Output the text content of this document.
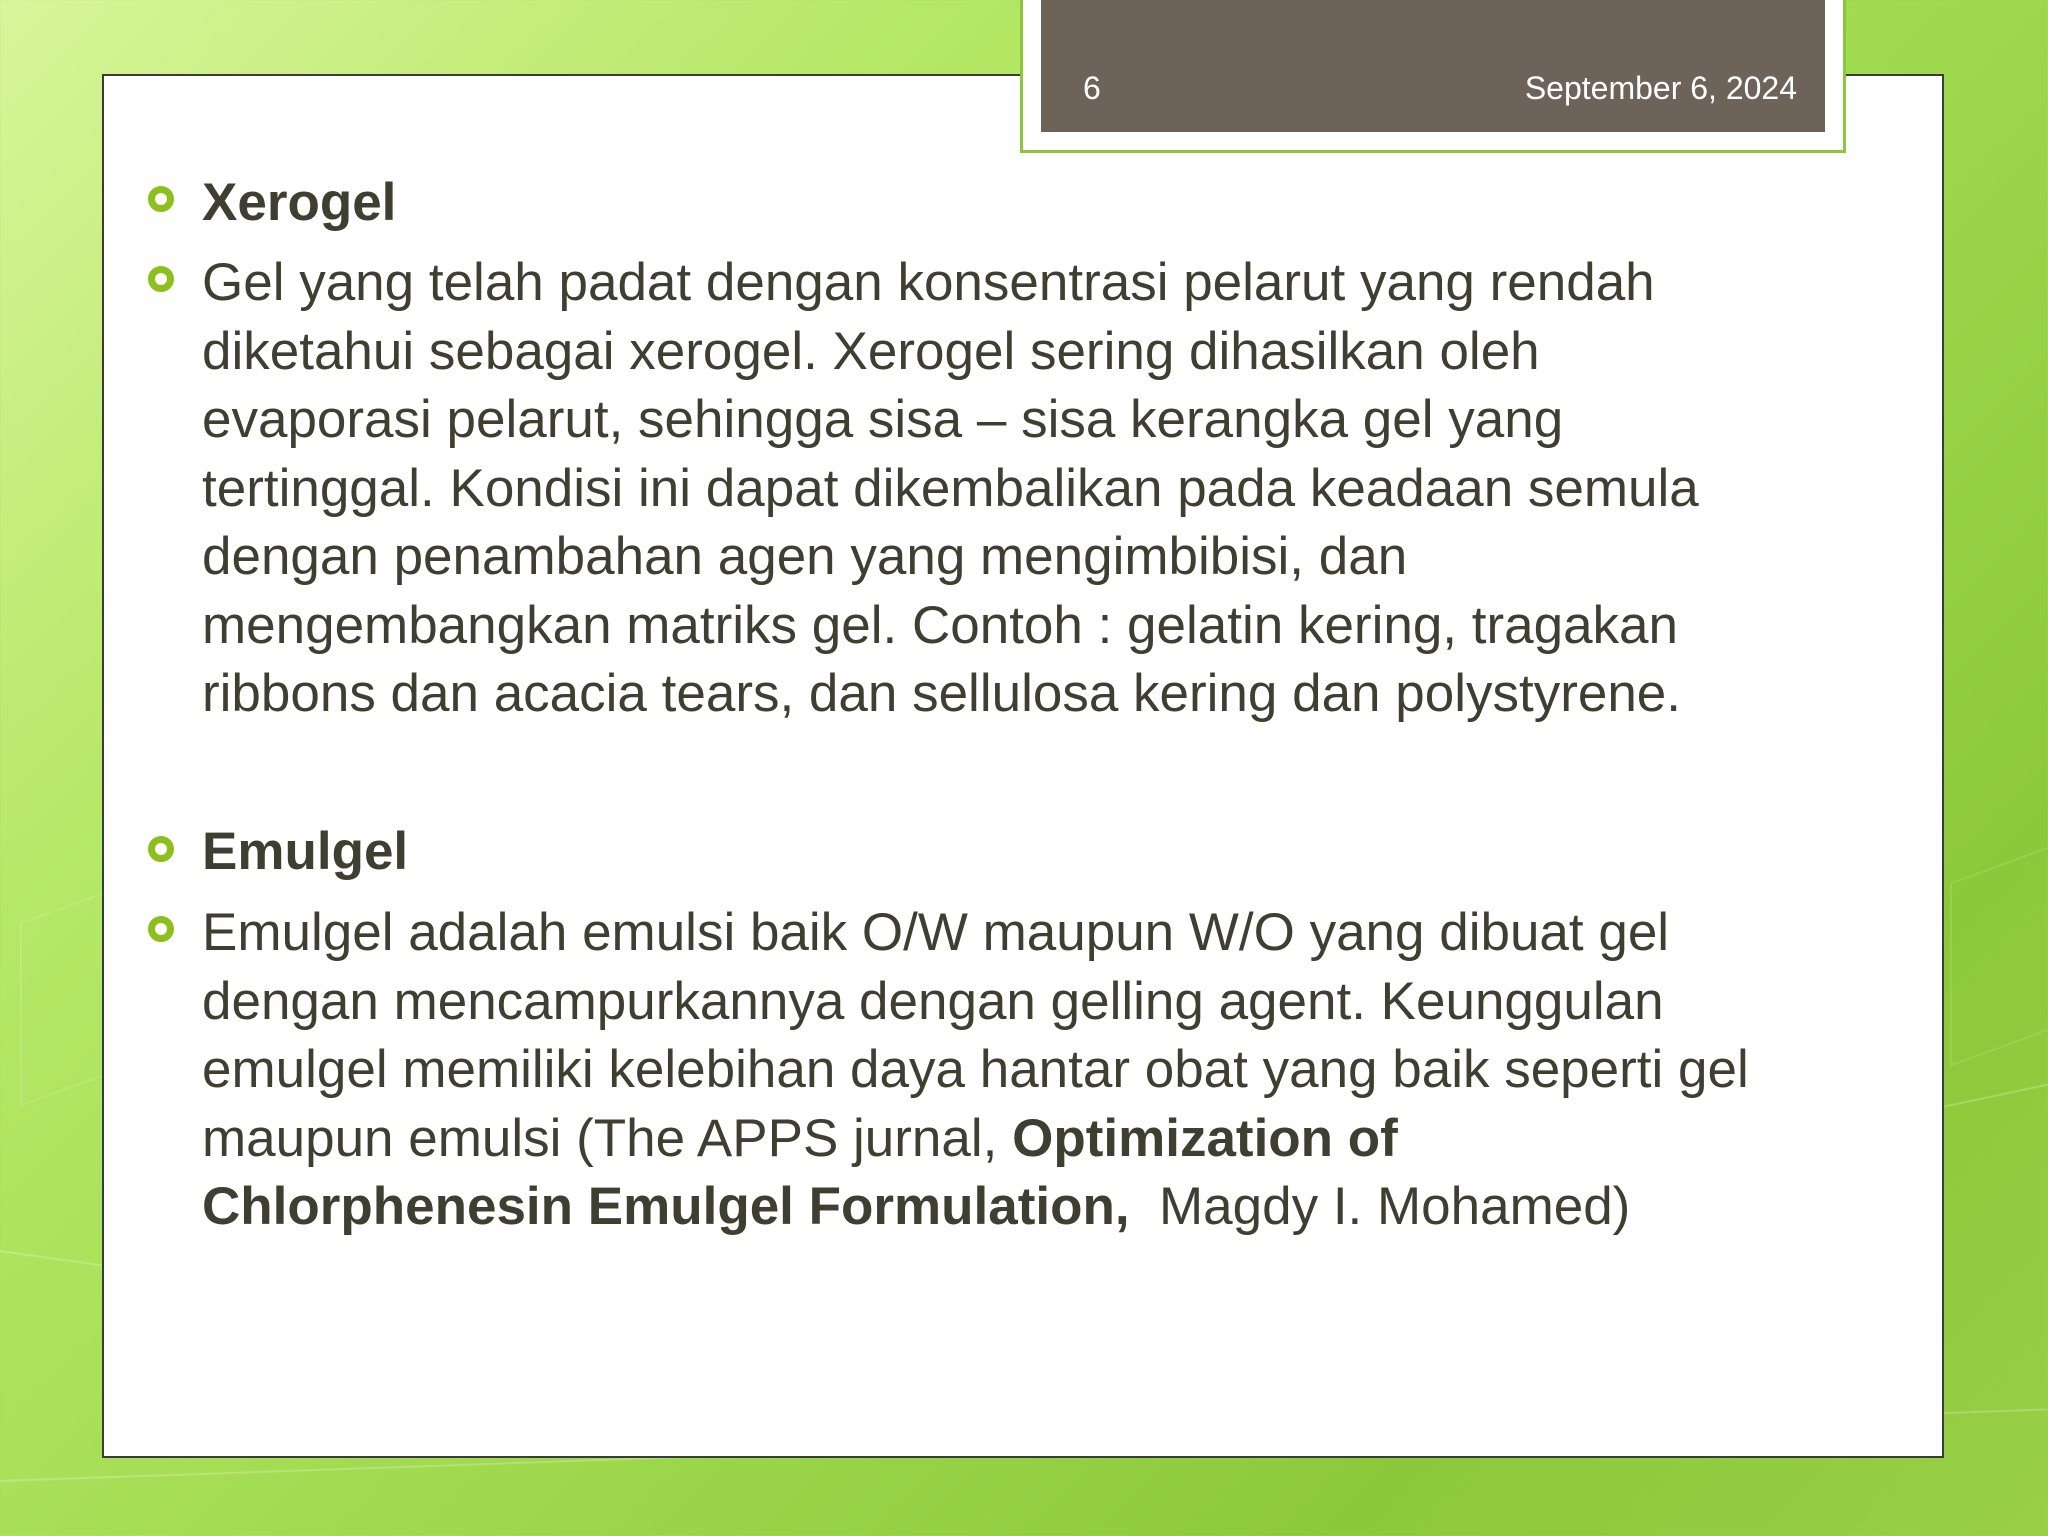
6	September 6, 2024

Xerogel

Gel yang telah padat dengan konsentrasi pelarut yang rendah
diketahui sebagai xerogel. Xerogel sering dihasilkan oleh
evaporasi pelarut, sehingga sisa – sisa kerangka gel yang
tertinggal. Kondisi ini dapat dikembalikan pada keadaan semula
dengan penambahan agen yang mengimbibisi, dan
mengembangkan matriks gel. Contoh : gelatin kering, tragakan
ribbons dan acacia tears, dan sellulosa kering dan polystyrene.

Emulgel

Emulgel adalah emulsi baik O/W maupun W/O yang dibuat gel
dengan mencampurkannya dengan gelling agent. Keunggulan
emulgel memiliki kelebihan daya hantar obat yang baik seperti gel
maupun emulsi (The APPS jurnal, Optimization of
Chlorphenesin Emulgel Formulation,  Magdy I. Mohamed)
